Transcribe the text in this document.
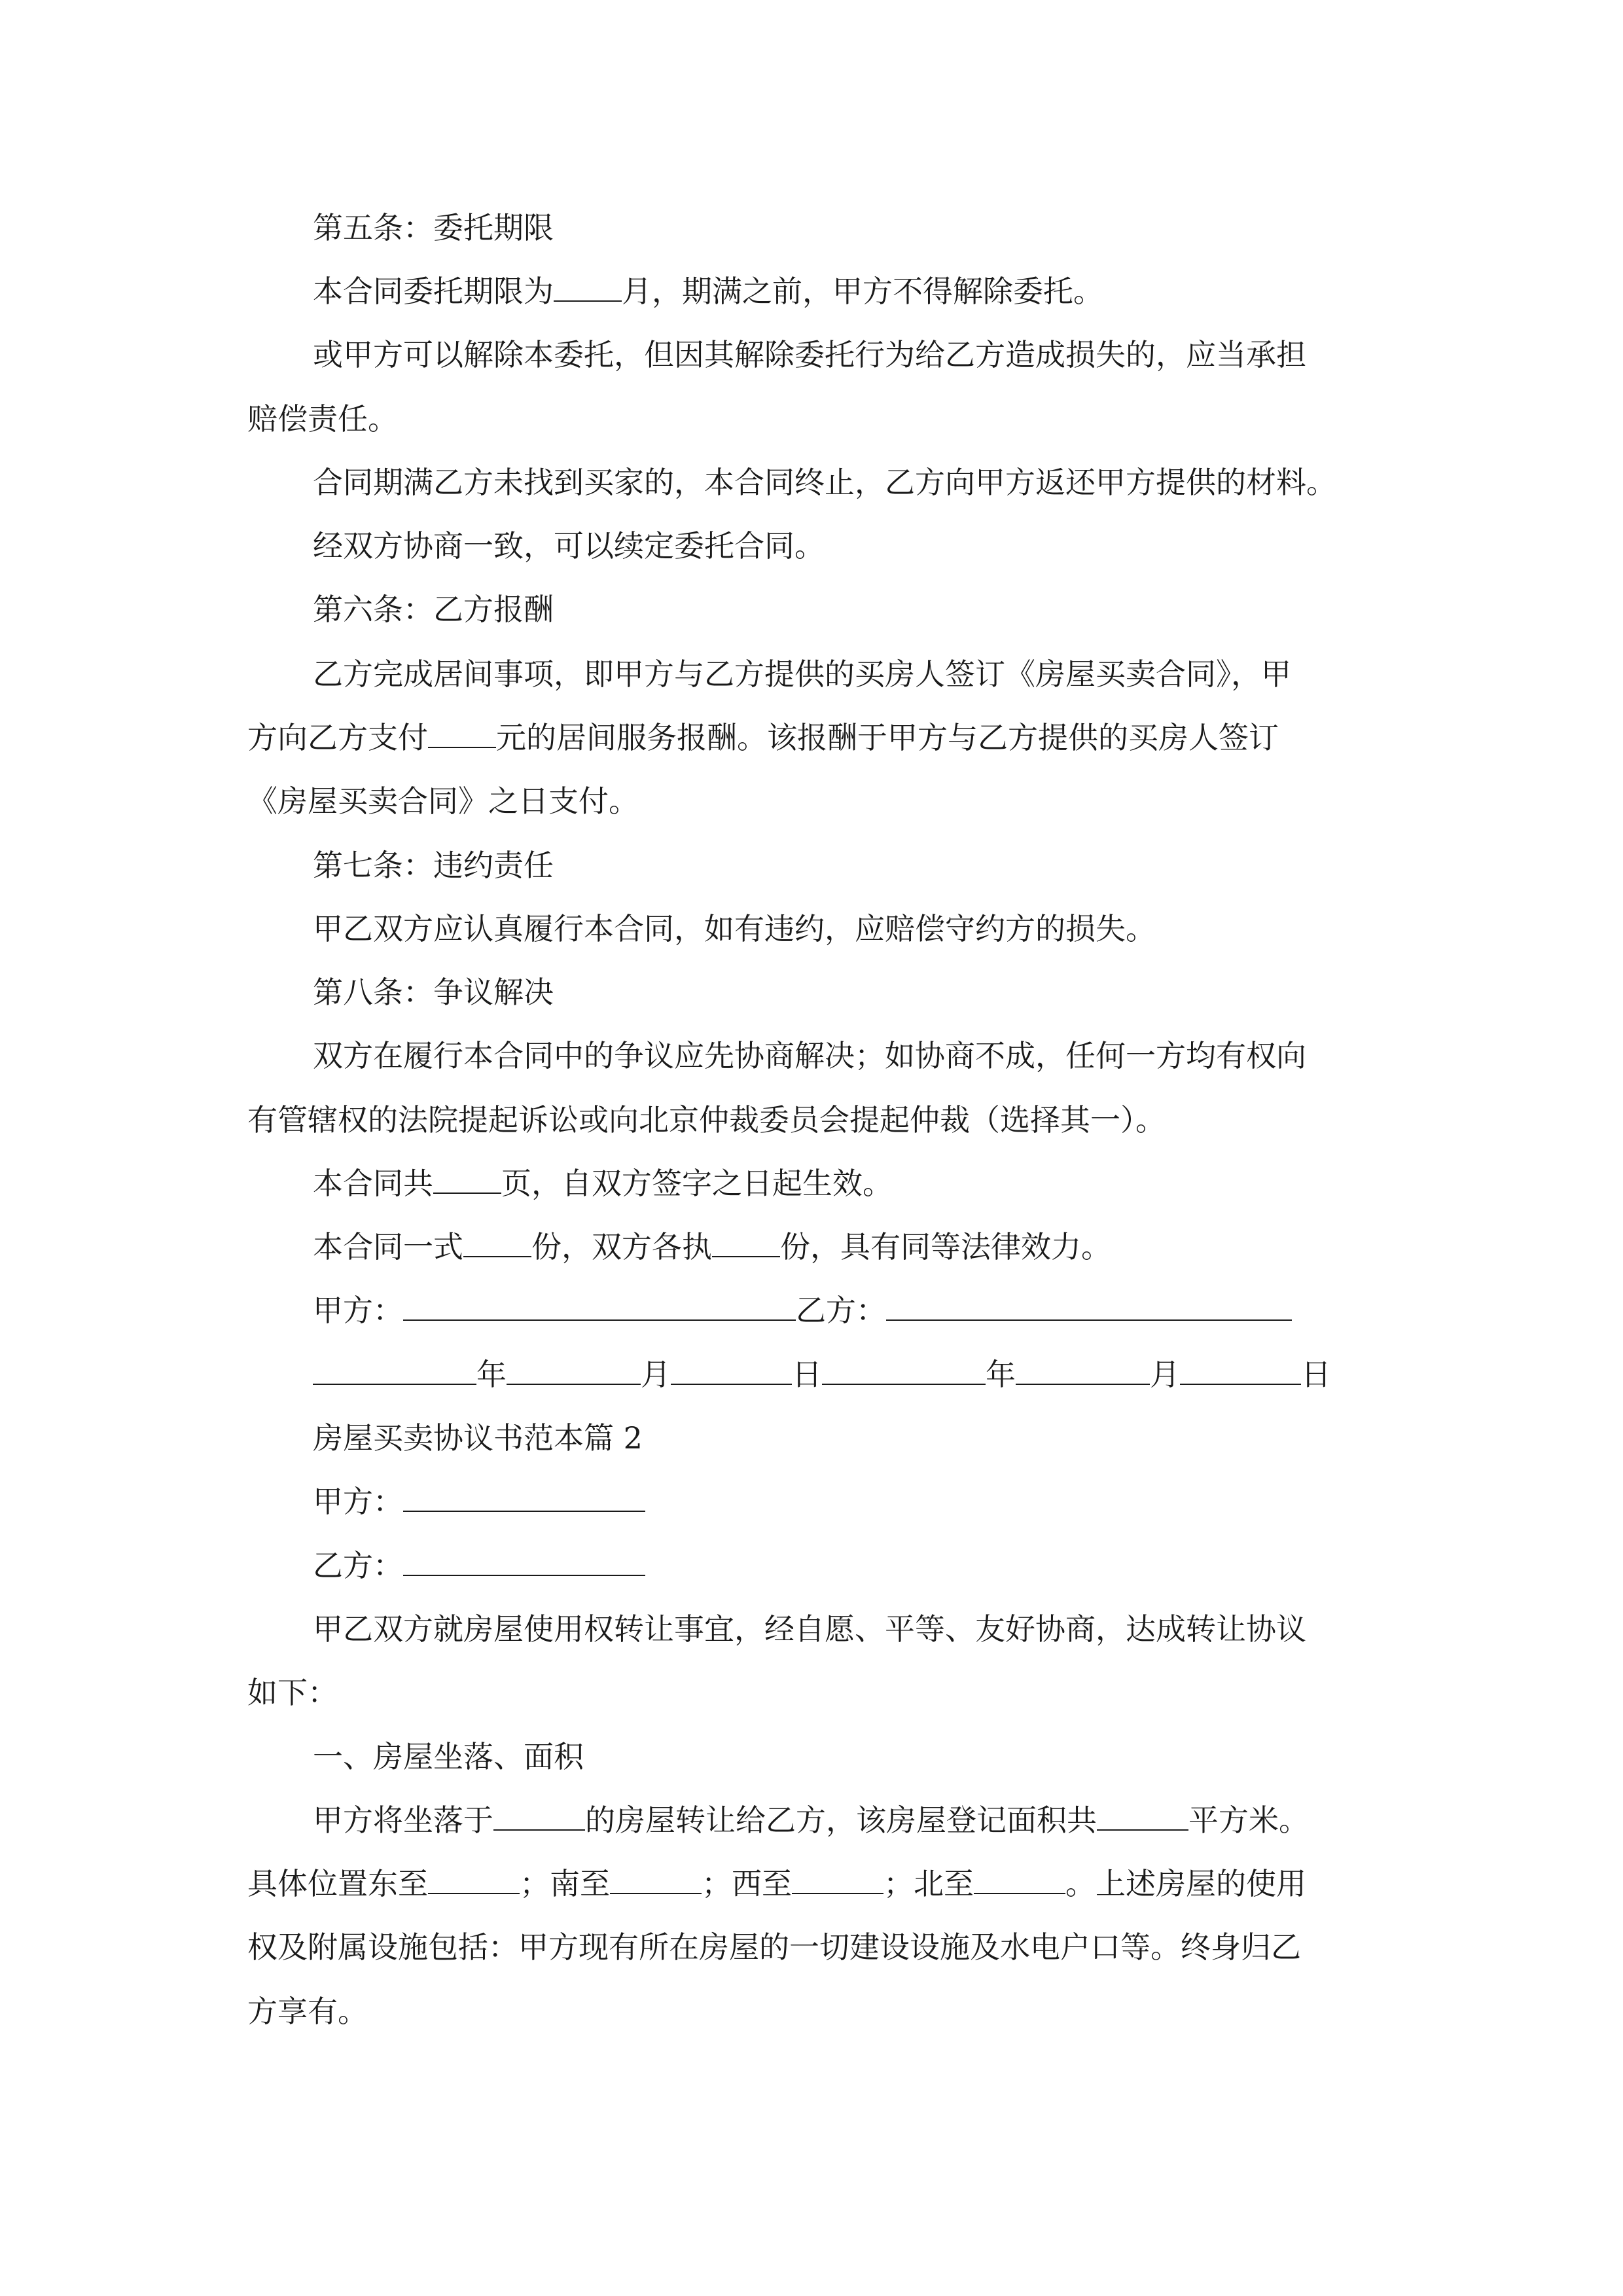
第五条：委托期限
本合同委托期限为 月，期满之前，甲方不得解除委托。
或甲方可以解除本委托，但因其解除委托行为给乙方造成损失的，应当承担
赔偿责任。
合同期满乙方未找到买家的，本合同终止，乙方向甲方返还甲方提供的材料。
经双方协商一致，可以续定委托合同。
第六条：乙方报酬
乙方完成居间事项，即甲方与乙方提供的买房人签订《房屋买卖合同》，甲
方向乙方支付 元的居间服务报酬。该报酬于甲方与乙方提供的买房人签订
《房屋买卖合同》之日支付。
第七条：违约责任
甲乙双方应认真履行本合同，如有违约，应赔偿守约方的损失。
第八条：争议解决
双方在履行本合同中的争议应先协商解决；如协商不成，任何一方均有权向
有管辖权的法院提起诉讼或向北京仲裁委员会提起仲裁（选择其一）。
本合同共 页，自双方签字之日起生效。
本合同一式 份，双方各执 份，具有同等法律效力。
甲方：	乙方：
年	月	日	年	月	日
房屋买卖协议书范本篇 2
甲方：
乙方：
甲乙双方就房屋使用权转让事宜，经自愿、平等、友好协商，达成转让协议
如下：
一、房屋坐落、面积
甲方将坐落于	的房屋转让给乙方，该房屋登记面积共	平方米。
具体位置东至	；南至	；西至	；北至	。上述房屋的使用
权及附属设施包括：甲方现有所在房屋的一切建设设施及水电户口等。终身归乙
方享有。
